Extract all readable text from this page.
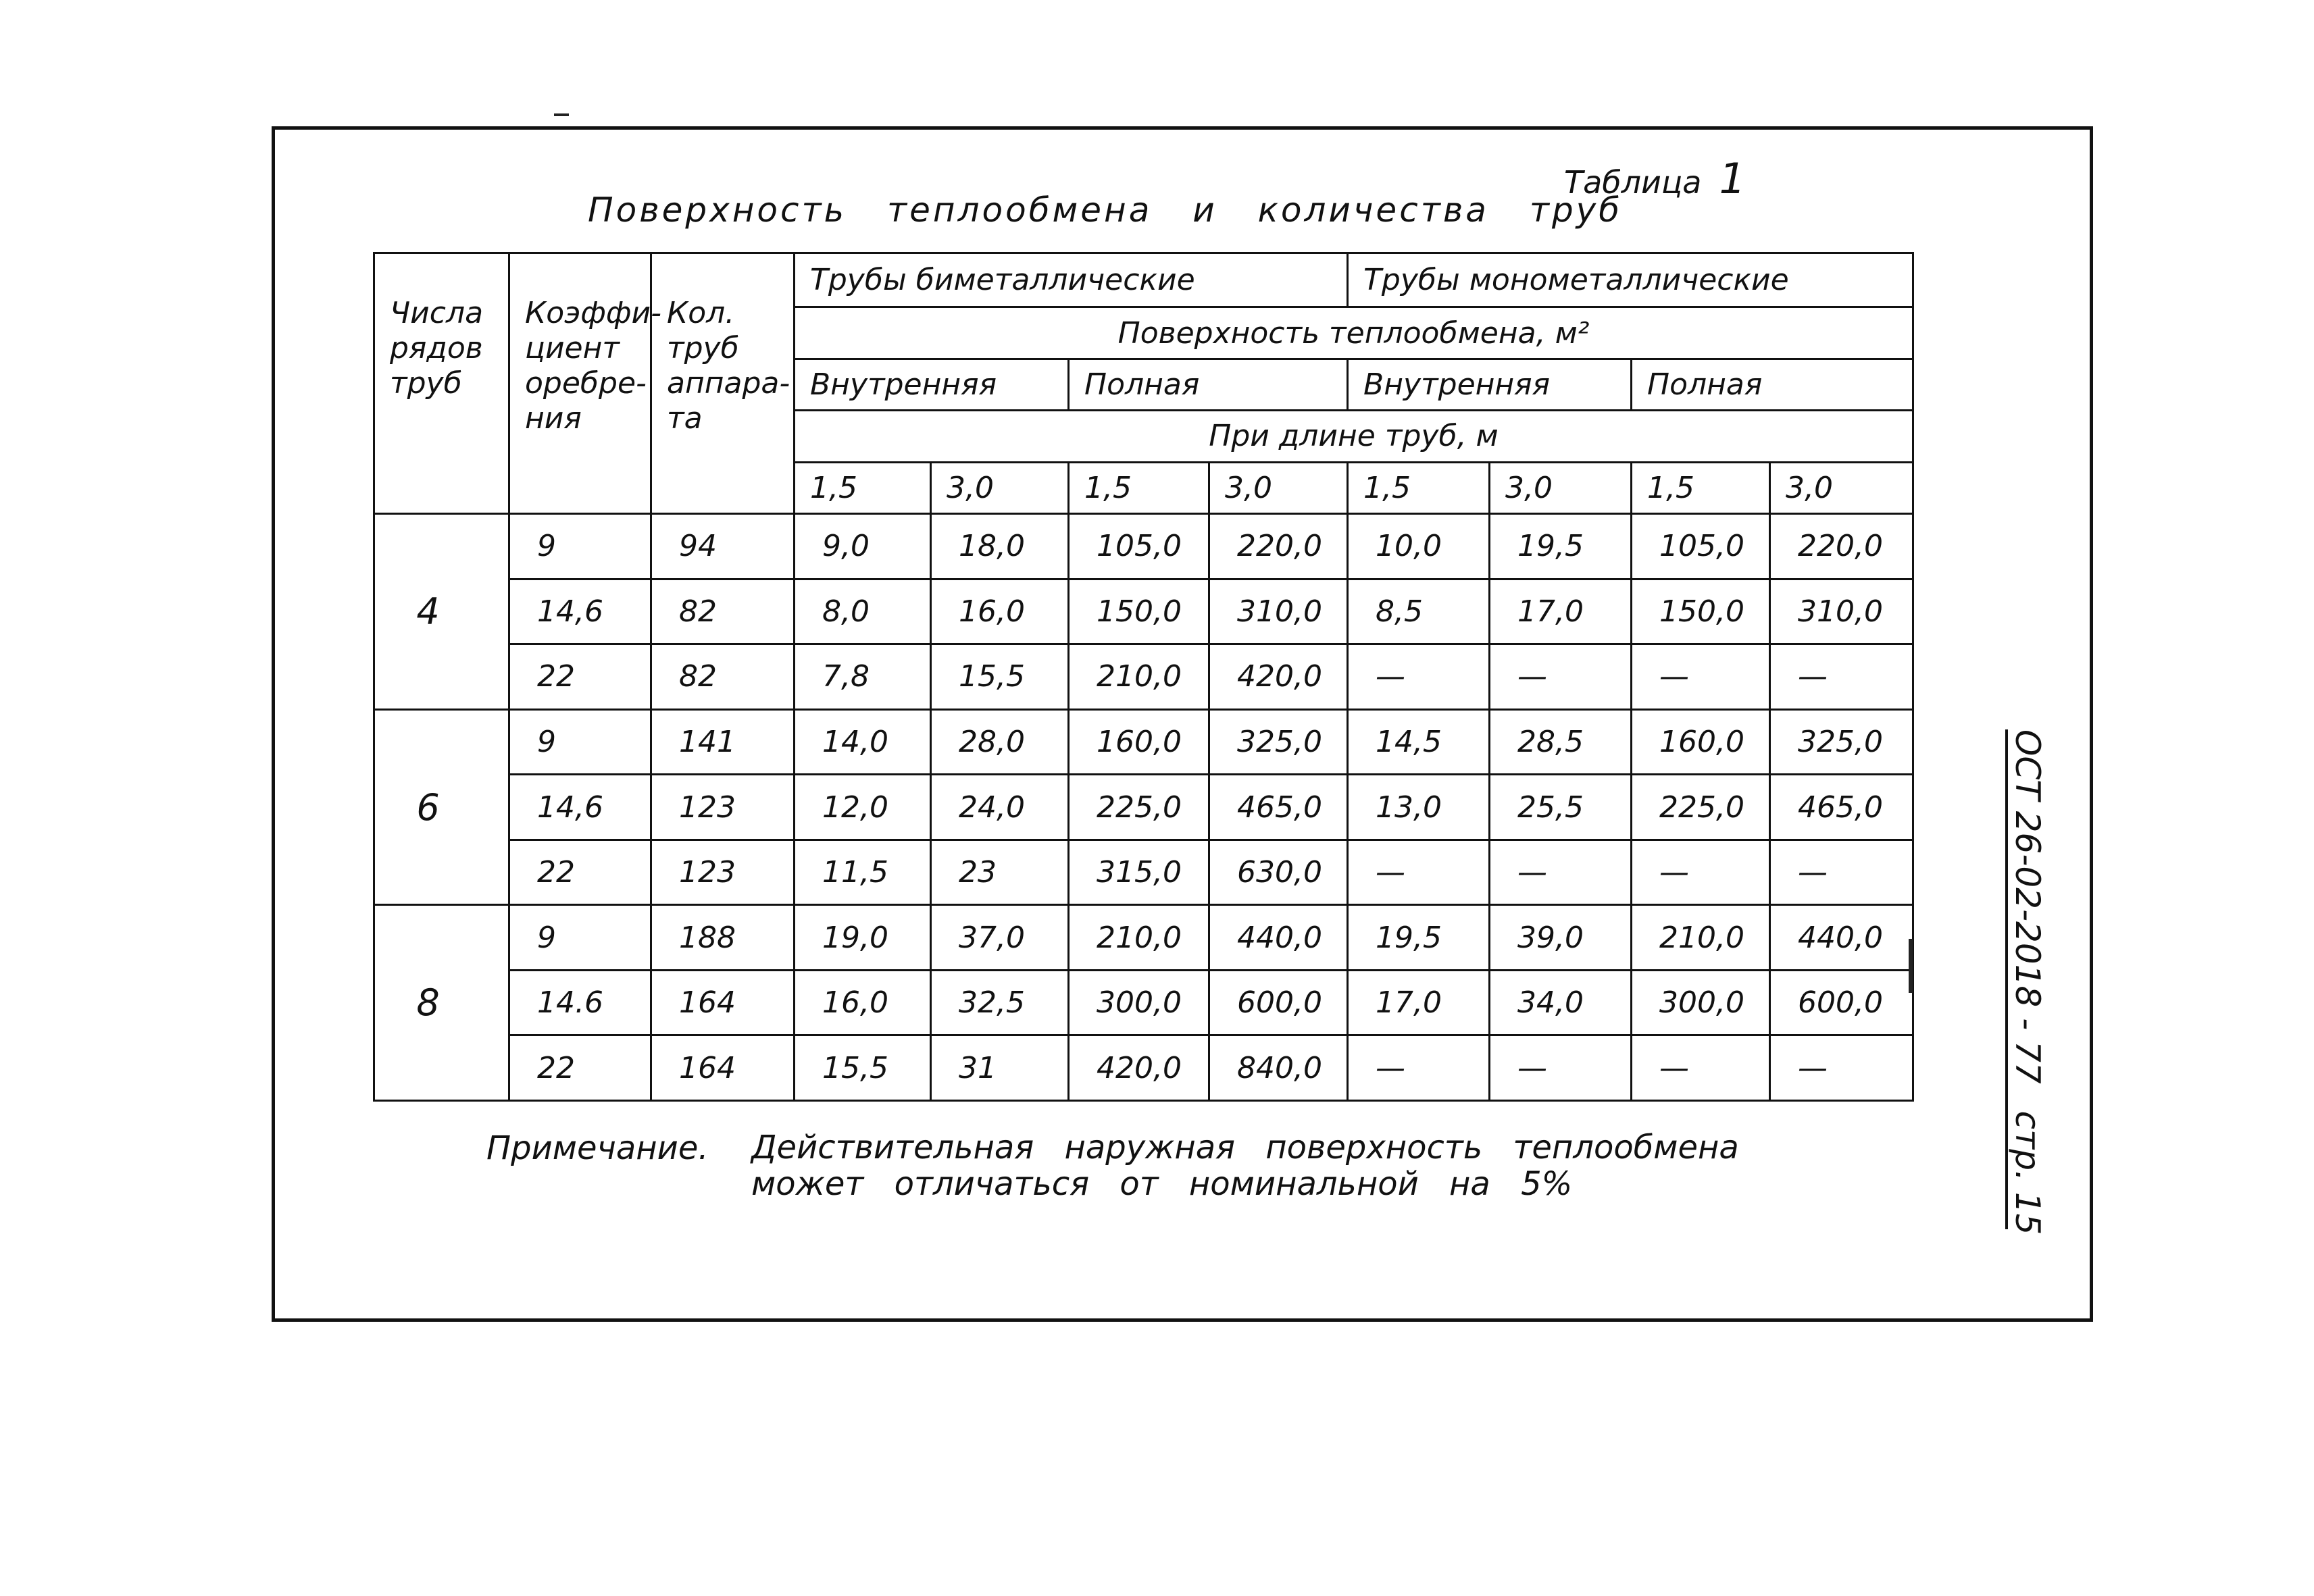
Таблица 1
Поверхность теплообмена и количества труб
Числа рядов труб	Коэффи-циент оребре-ния	Кол. труб аппара-та	Трубы биметаллические				Трубы монометаллические			
			Поверхность теплообмена, м²							
			Внутренняя		Полная		Внутренняя		Полная	
			При длине труб, м							
			1,5	3,0	1,5	3,0	1,5	3,0	1,5	3,0
4	9	94	9,0	18,0	105,0	220,0	10,0	19,5	105,0	220,0
	14,6	82	8,0	16,0	150,0	310,0	8,5	17,0	150,0	310,0
	22	82	7,8	15,5	210,0	420,0	—	—	—	—
6	9	141	14,0	28,0	160,0	325,0	14,5	28,5	160,0	325,0
	14,6	123	12,0	24,0	225,0	465,0	13,0	25,5	225,0	465,0
	22	123	11,5	23	315,0	630,0	—	—	—	—
8	9	188	19,0	37,0	210,0	440,0	19,5	39,0	210,0	440,0
	14.6	164	16,0	32,5	300,0	600,0	17,0	34,0	300,0	600,0
	22	164	15,5	31	420,0	840,0	—	—	—	—
Примечание. Действительная наружная поверхность теплообмена может отличаться от номинальной на 5%
ОСТ 26-02-2018 - 77 стр. 15
